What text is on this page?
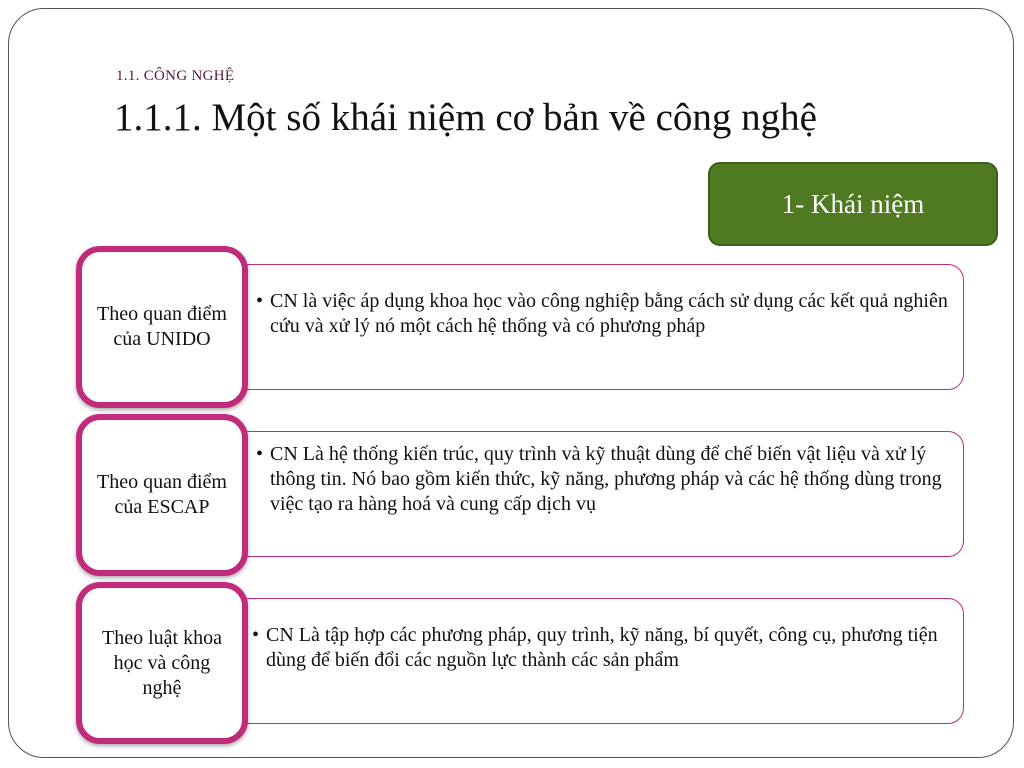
1.1. CÔNG NGHỆ
1.1.1. Một số khái niệm cơ bản về công nghệ
1- Khái niệm
• CN là việc áp dụng khoa học vào công nghiệp bằng cách sử dụng các kết quả nghiên cứu và xử lý nó một cách hệ thống và có phương pháp
Theo quan điểm của UNIDO
• CN Là hệ thống kiến trúc, quy trình và kỹ thuật dùng để chế biến vật liệu và xử lý thông tin. Nó bao gồm kiến thức, kỹ năng, phương pháp và các hệ thống dùng trong việc tạo ra hàng hoá và cung cấp dịch vụ
Theo quan điểm của ESCAP
• CN Là tập hợp các phương pháp, quy trình, kỹ năng, bí quyết, công cụ, phương tiện dùng để biến đổi các nguồn lực thành các sản phẩm
Theo luật khoa học và công nghệ
